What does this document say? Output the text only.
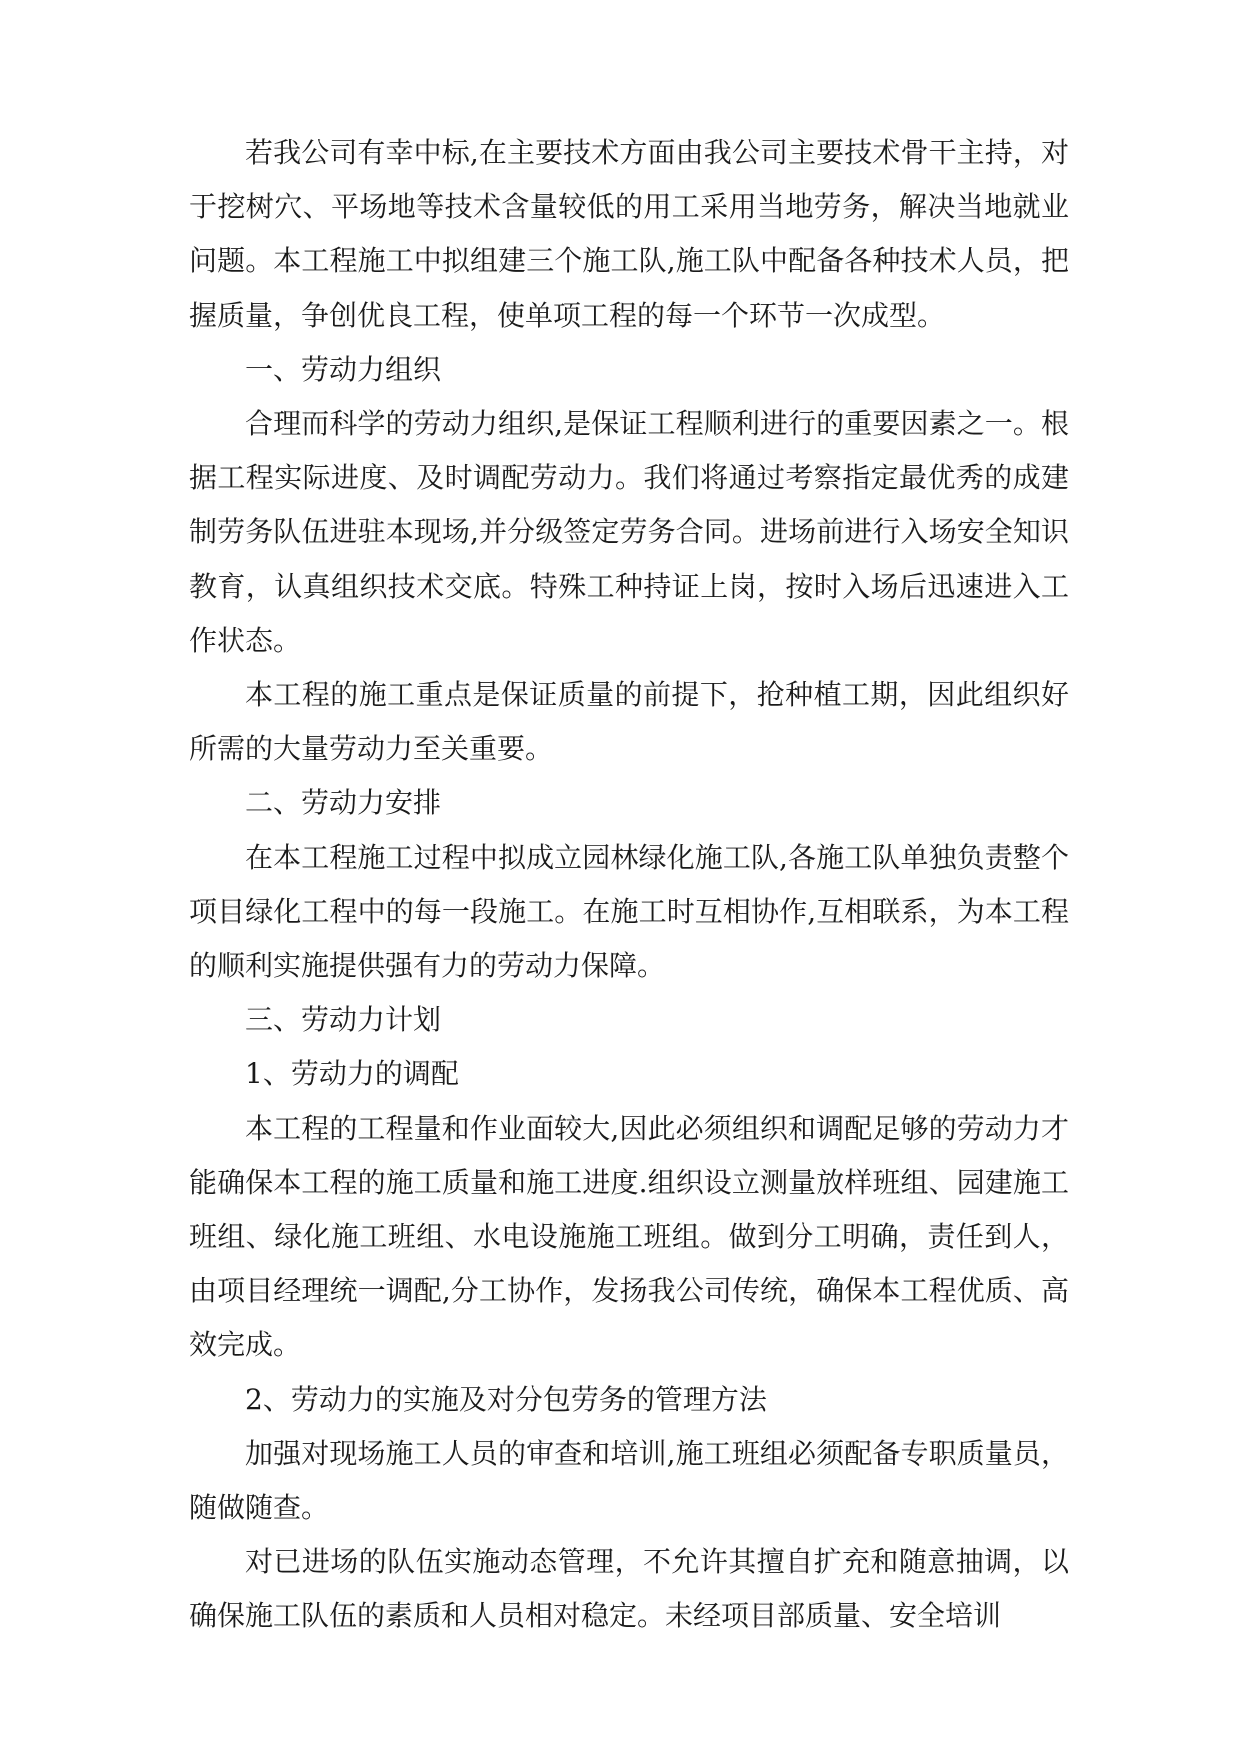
若我公司有幸中标,在主要技术方面由我公司主要技术骨干主持，对于挖树穴、平场地等技术含量较低的用工采用当地劳务，解决当地就业问题。本工程施工中拟组建三个施工队,施工队中配备各种技术人员，把握质量，争创优良工程，使单项工程的每一个环节一次成型。

一、劳动力组织

合理而科学的劳动力组织,是保证工程顺利进行的重要因素之一。根据工程实际进度、及时调配劳动力。我们将通过考察指定最优秀的成建制劳务队伍进驻本现场,并分级签定劳务合同。进场前进行入场安全知识教育，认真组织技术交底。特殊工种持证上岗，按时入场后迅速进入工作状态。

本工程的施工重点是保证质量的前提下，抢种植工期，因此组织好所需的大量劳动力至关重要。

二、劳动力安排

在本工程施工过程中拟成立园林绿化施工队,各施工队单独负责整个项目绿化工程中的每一段施工。在施工时互相协作,互相联系，为本工程的顺利实施提供强有力的劳动力保障。

三、劳动力计划

1、劳动力的调配

本工程的工程量和作业面较大,因此必须组织和调配足够的劳动力才能确保本工程的施工质量和施工进度.组织设立测量放样班组、园建施工班组、绿化施工班组、水电设施施工班组。做到分工明确，责任到人，由项目经理统一调配,分工协作，发扬我公司传统，确保本工程优质、高效完成。

2、劳动力的实施及对分包劳务的管理方法

加强对现场施工人员的审查和培训,施工班组必须配备专职质量员，随做随查。

对已进场的队伍实施动态管理，不允许其擅自扩充和随意抽调，以确保施工队伍的素质和人员相对稳定。未经项目部质量、安全培训
